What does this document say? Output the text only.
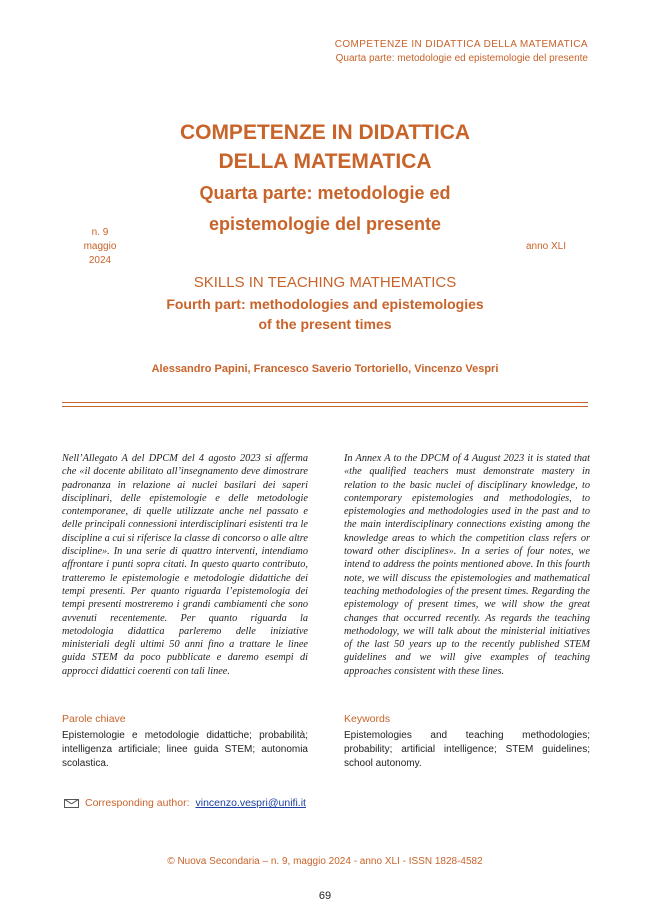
COMPETENZE IN DIDATTICA DELLA MATEMATICA
Quarta parte: metodologie ed epistemologie del presente
n. 9
maggio
2024
anno XLI
COMPETENZE IN DIDATTICA
DELLA MATEMATICA
Quarta parte: metodologie ed
epistemologie del presente
SKILLS IN TEACHING MATHEMATICS
Fourth part: methodologies and epistemologies
of the present times
Alessandro Papini, Francesco Saverio Tortoriello, Vincenzo Vespri
Nell’Allegato A del DPCM del 4 agosto 2023 si afferma che «il docente abilitato all’insegnamento deve dimostrare padronanza in relazione ai nuclei basilari dei saperi disciplinari, delle epistemologie e delle metodologie contemporanee, di quelle utilizzate anche nel passato e delle principali connessioni interdisciplinari esistenti tra le discipline a cui si riferisce la classe di concorso o alle altre discipline». In una serie di quattro interventi, intendiamo affrontare i punti sopra citati. In questo quarto contributo, tratteremo le epistemologie e metodologie didattiche dei tempi presenti. Per quanto riguarda l’epistemologia dei tempi presenti mostreremo i grandi cambiamenti che sono avvenuti recentemente. Per quanto riguarda la metodologia didattica parleremo delle iniziative ministeriali degli ultimi 50 anni fino a trattare le linee guida STEM da poco pubblicate e daremo esempi di approcci didattici coerenti con tali linee.
In Annex A to the DPCM of 4 August 2023 it is stated that «the qualified teachers must demonstrate mastery in relation to the basic nuclei of disciplinary knowledge, to contemporary epistemologies and methodologies, to epistemologies and methodologies used in the past and to the main interdisciplinary connections existing among the knowledge areas to which the competition class refers or toward other disciplines». In a series of four notes, we intend to address the points mentioned above. In this fourth note, we will discuss the epistemologies and mathematical teaching methodologies of the present times. Regarding the epistemology of present times, we will show the great changes that occurred recently. As regards the teaching methodology, we will talk about the ministerial initiatives of the last 50 years up to the recently published STEM guidelines and we will give examples of teaching approaches consistent with these lines.
Parole chiave
Epistemologie e metodologie didattiche; probabilità; intelligenza artificiale; linee guida STEM; autonomia scolastica.
Keywords
Epistemologies and teaching methodologies; probability; artificial intelligence; STEM guidelines; school autonomy.
Corresponding author: vincenzo.vespri@unifi.it
© Nuova Secondaria – n. 9, maggio 2024 - anno XLI - ISSN 1828-4582
69
